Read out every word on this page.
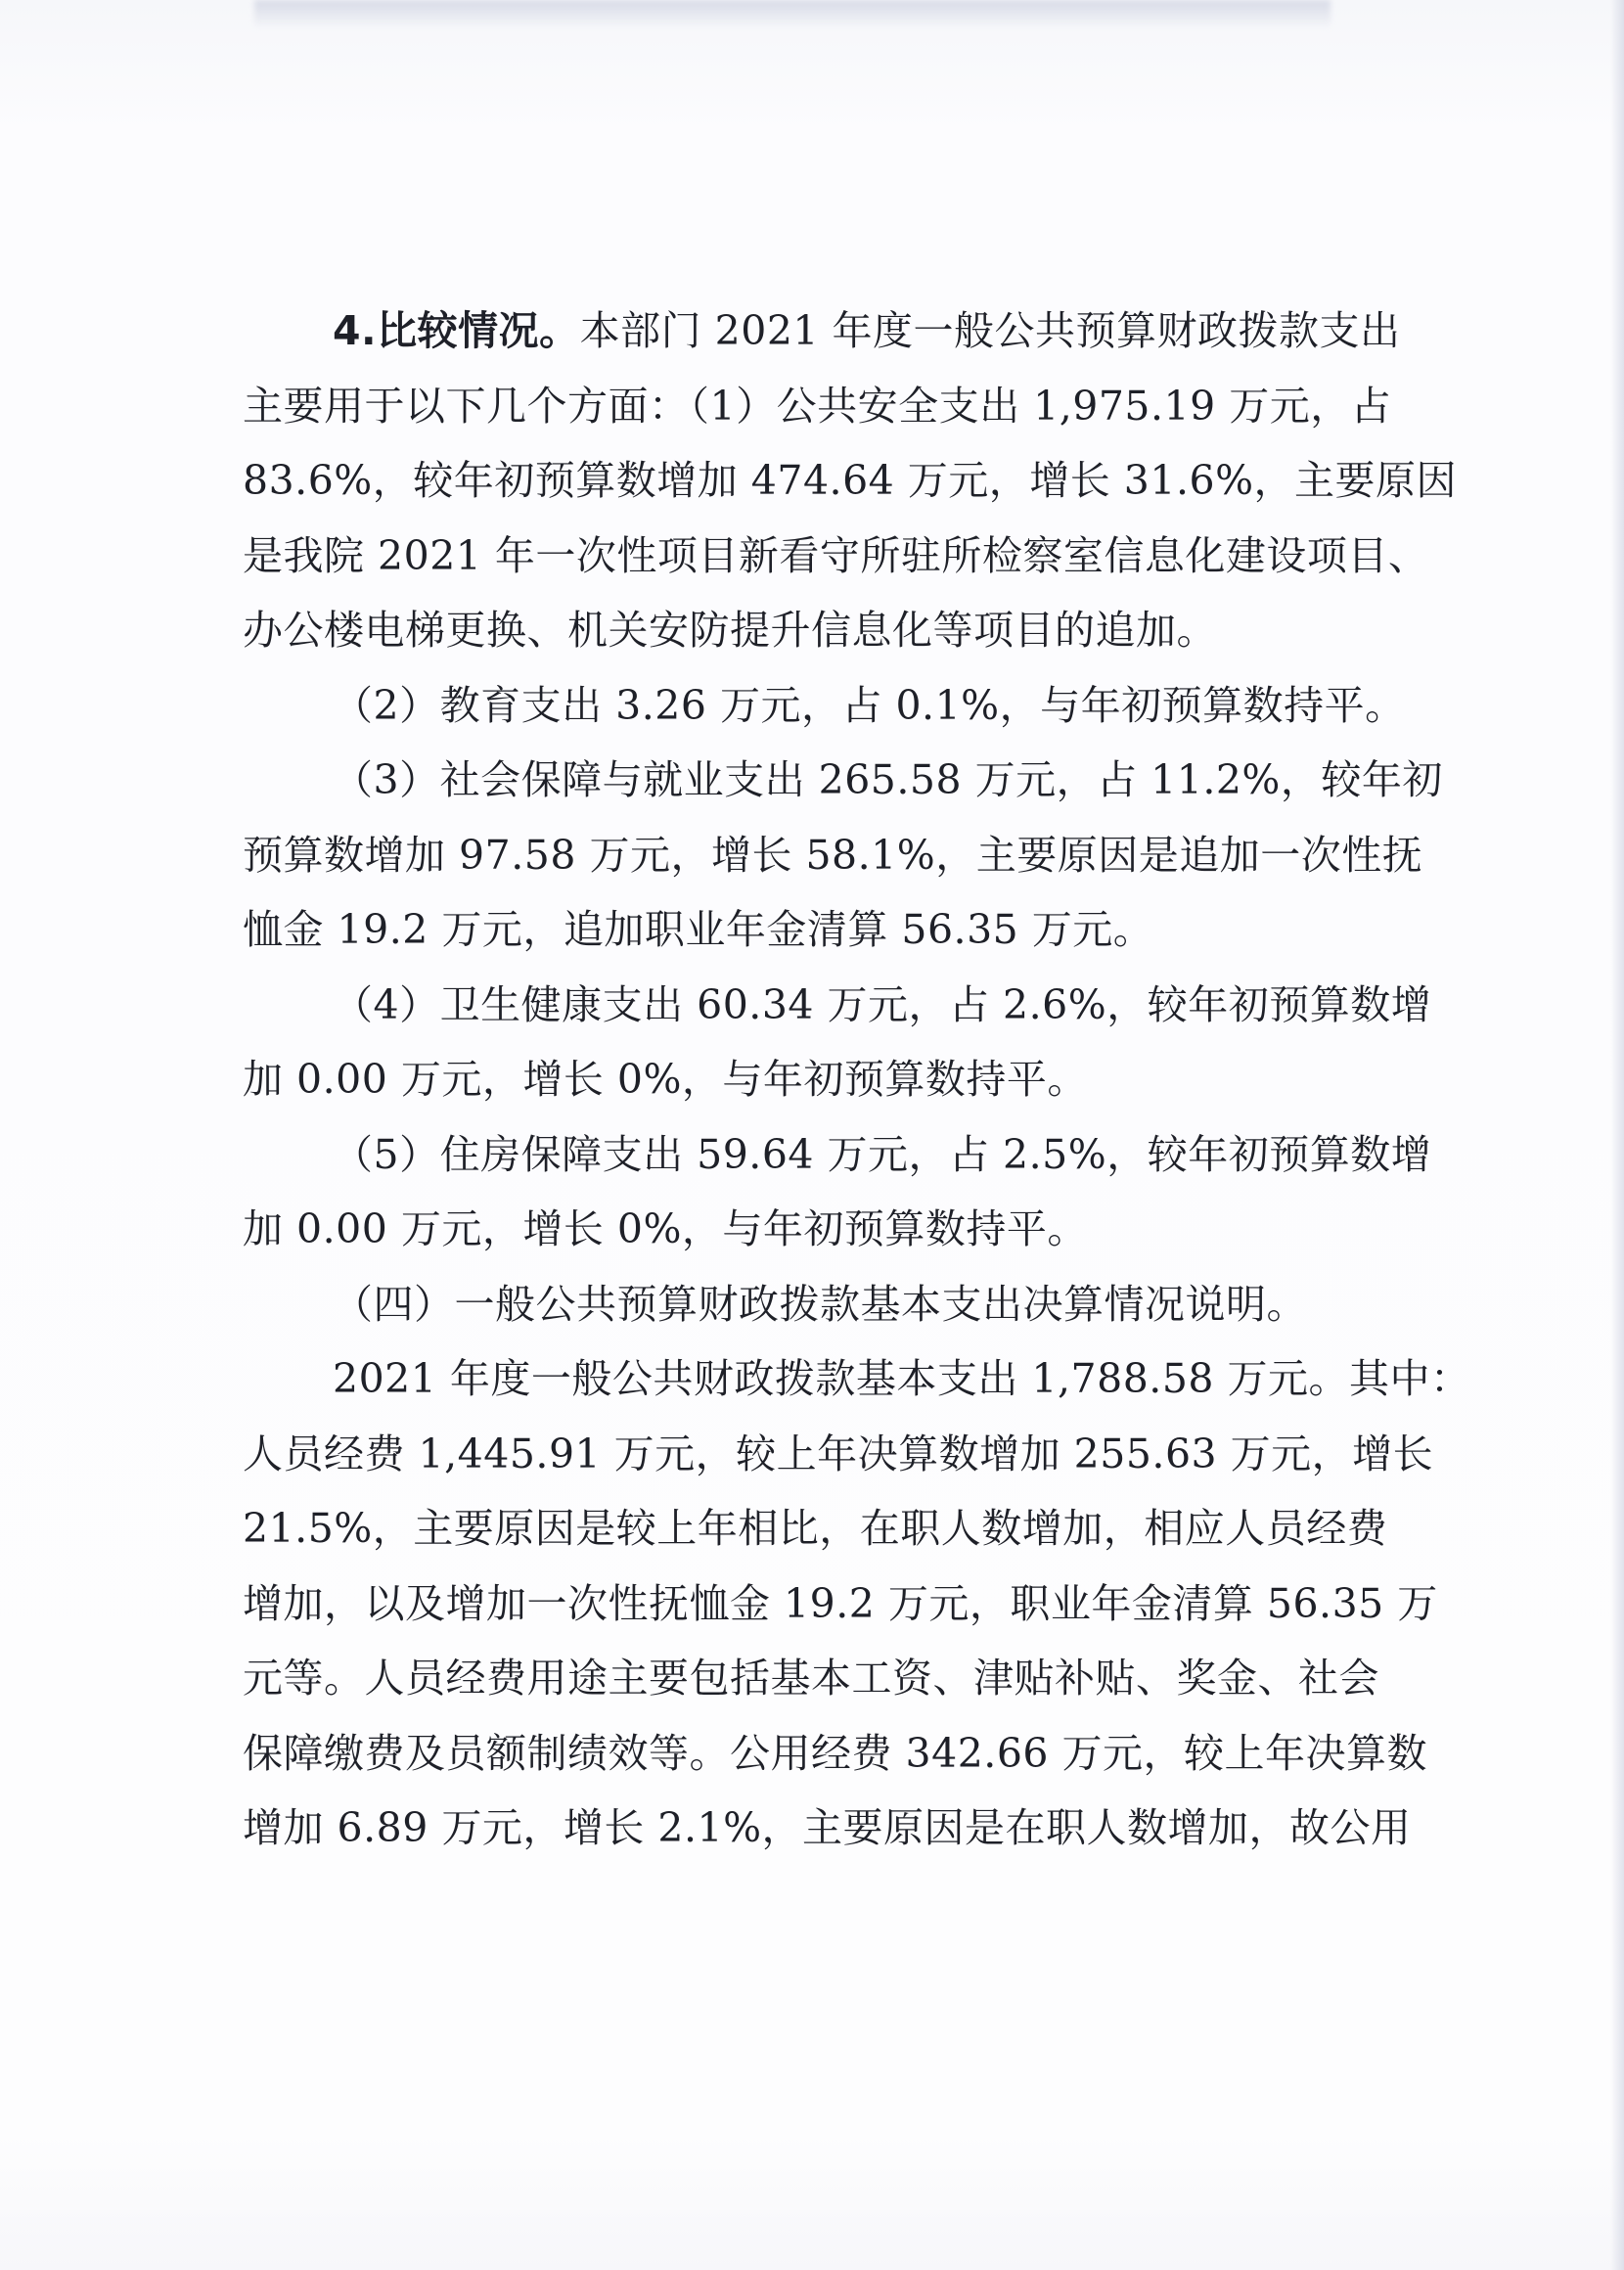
4.比较情况。本部门 2021 年度一般公共预算财政拨款支出
主要用于以下几个方面：（1）公共安全支出 1,975.19 万元，占
83.6%，较年初预算数增加 474.64 万元，增长 31.6%，主要原因
是我院 2021 年一次性项目新看守所驻所检察室信息化建设项目、
办公楼电梯更换、机关安防提升信息化等项目的追加。
（2）教育支出 3.26 万元，占 0.1%，与年初预算数持平。
（3）社会保障与就业支出 265.58 万元，占 11.2%，较年初
预算数增加 97.58 万元，增长 58.1%，主要原因是追加一次性抚
恤金 19.2 万元，追加职业年金清算 56.35 万元。
（4）卫生健康支出 60.34 万元，占 2.6%，较年初预算数增
加 0.00 万元，增长 0%，与年初预算数持平。
（5）住房保障支出 59.64 万元，占 2.5%，较年初预算数增
加 0.00 万元，增长 0%，与年初预算数持平。
（四）一般公共预算财政拨款基本支出决算情况说明。
2021 年度一般公共财政拨款基本支出 1,788.58 万元。其中：
人员经费 1,445.91 万元，较上年决算数增加 255.63 万元，增长
21.5%，主要原因是较上年相比，在职人数增加，相应人员经费
增加，以及增加一次性抚恤金 19.2 万元，职业年金清算 56.35 万
元等。人员经费用途主要包括基本工资、津贴补贴、奖金、社会
保障缴费及员额制绩效等。公用经费 342.66 万元，较上年决算数
增加 6.89 万元，增长 2.1%，主要原因是在职人数增加，故公用
